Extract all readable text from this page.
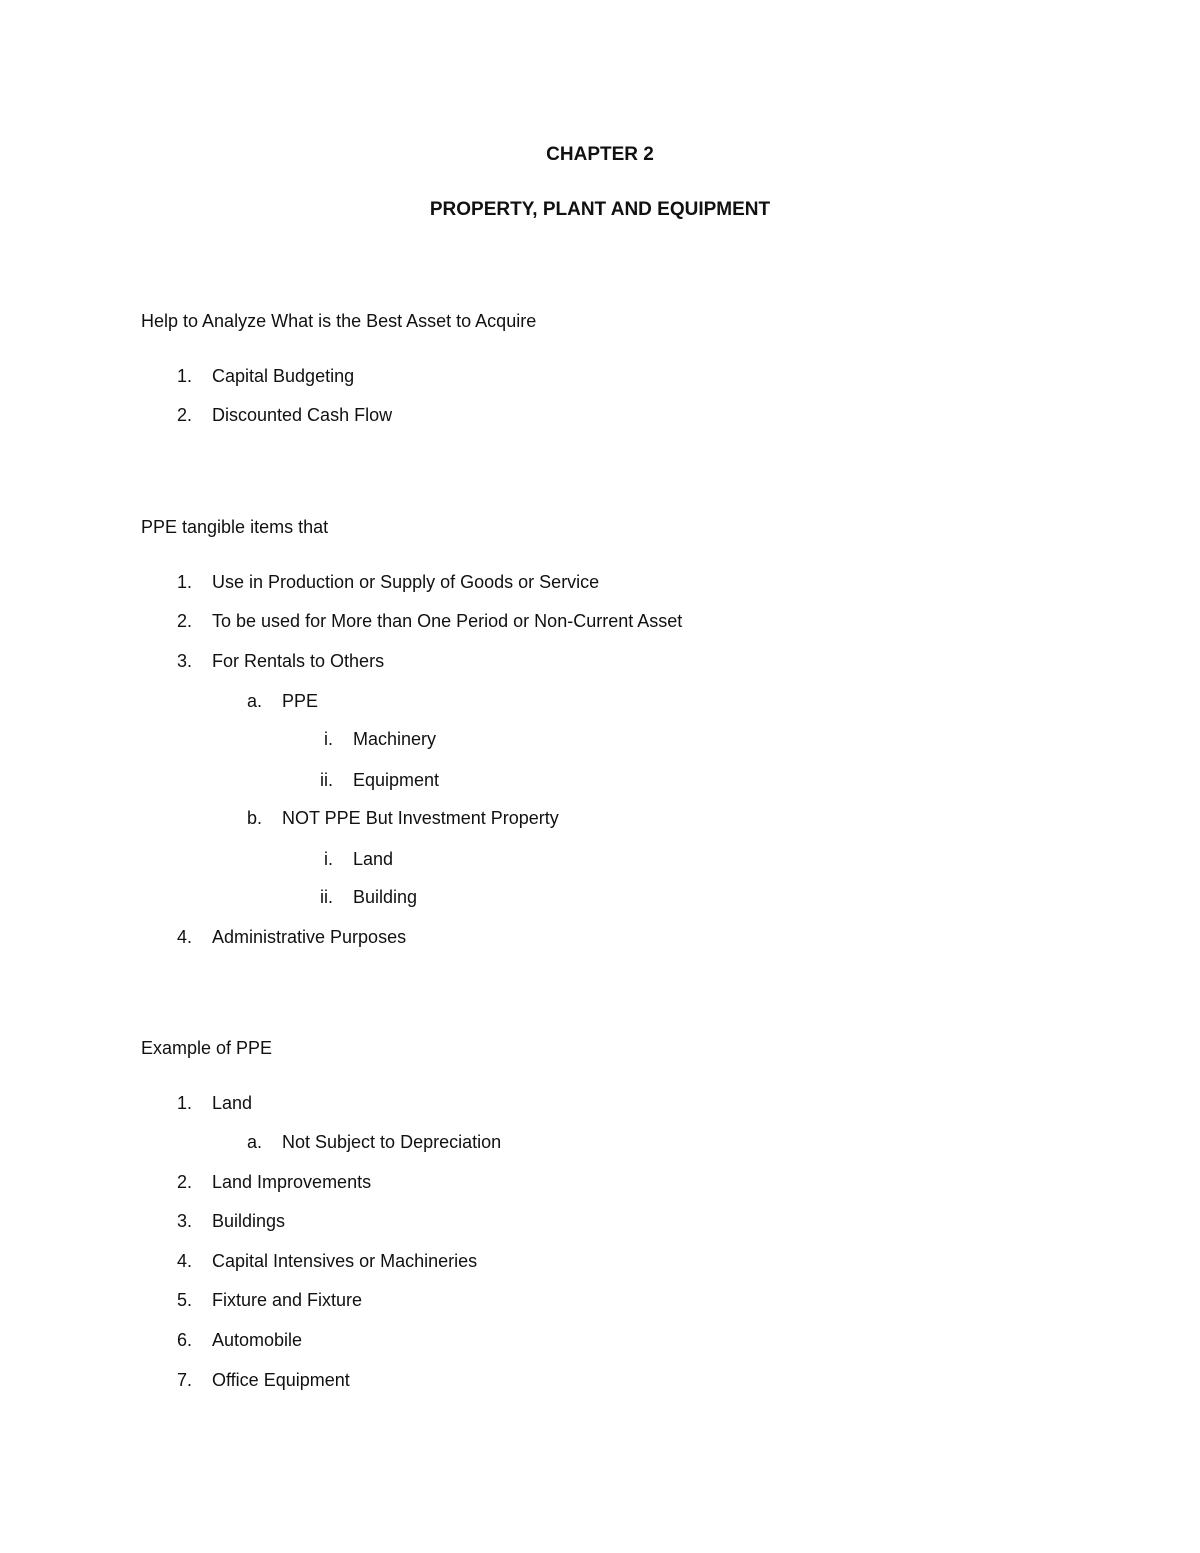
CHAPTER 2
PROPERTY, PLANT AND EQUIPMENT
Help to Analyze What is the Best Asset to Acquire
1. Capital Budgeting
2. Discounted Cash Flow
PPE tangible items that
1. Use in Production or Supply of Goods or Service
2. To be used for More than One Period or Non-Current Asset
3. For Rentals to Others
a. PPE
i. Machinery
ii. Equipment
b. NOT PPE But Investment Property
i. Land
ii. Building
4. Administrative Purposes
Example of PPE
1. Land
a. Not Subject to Depreciation
2. Land Improvements
3. Buildings
4. Capital Intensives or Machineries
5. Fixture and Fixture
6. Automobile
7. Office Equipment
